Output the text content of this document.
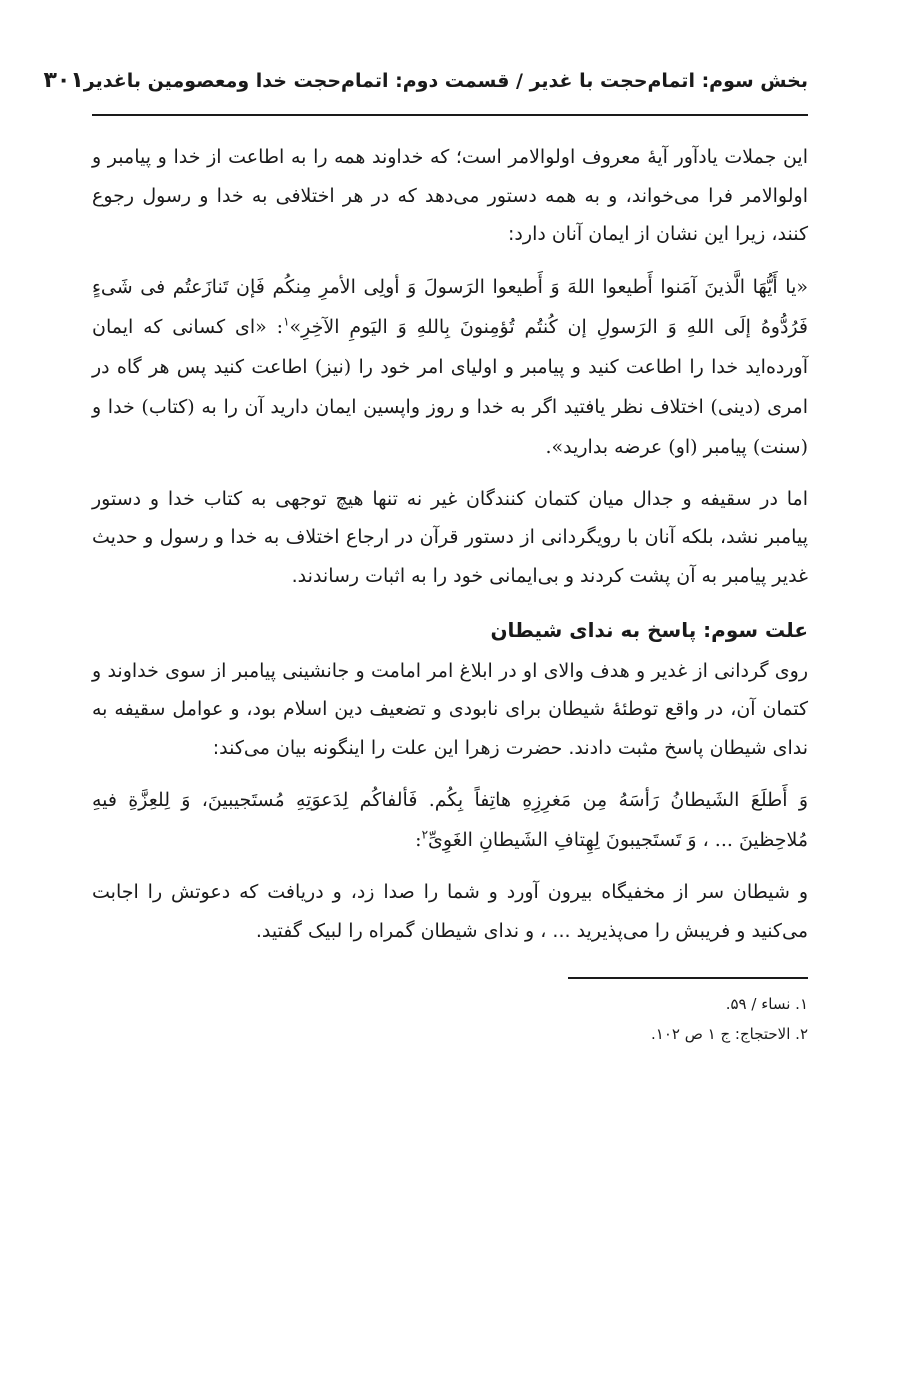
بخش سوم: اتمام‌حجت با غدیر / قسمت دوم: اتمام‌حجت خدا ومعصومین باغدیر
۳۰۱

این جملات یادآور آیهٔ معروف اولوالامر است؛ که خداوند همه را به اطاعت از خدا و پیامبر و اولوالامر فرا می‌خواند، و به همه دستور می‌دهد که در هر اختلافی به خدا و رسول رجوع کنند، زیرا این نشان از ایمان آنان دارد:

«یا أَیُّهَا الَّذینَ آمَنوا أَطیعوا اللهَ وَ أَطیعوا الرَسولَ وَ أولِی الأمرِ مِنکُم فَإن تَنازَعتُم فی شَیءٍ فَرُدُّوهُ إلَی اللهِ وَ الرَسولِ إن کُنتُم تُؤمِنونَ بِاللهِ وَ الیَومِ الآخِرِ»$^۱$: «ای کسانی که ایمان آورده‌اید خدا را اطاعت کنید و پیامبر و اولیای امر خود را (نیز) اطاعت کنید پس هر گاه در امری (دینی) اختلاف نظر یافتید اگر به خدا و روز واپسین ایمان دارید آن را به (کتاب) خدا و (سنت) پیامبر (او) عرضه بدارید».

اما در سقیفه و جدال میان کتمان کنندگان غیر نه تنها هیچ توجهی به کتاب خدا و دستور پیامبر نشد، بلکه آنان با رویگردانی از دستور قرآن در ارجاع اختلاف به خدا و رسول و حدیث غدیر پیامبر به آن پشت کردند و بی‌ایمانی خود را به اثبات رساندند.

علت سوم: پاسخ به ندای شیطان

روی گردانی از غدیر و هدف والای او در ابلاغ امر امامت و جانشینی پیامبر از سوی خداوند و کتمان آن، در واقع توطئهٔ شیطان برای نابودی و تضعیف دین اسلام بود، و عوامل سقیفه به ندای شیطان پاسخ مثبت دادند. حضرت زهرا این علت را اینگونه بیان می‌کند:

وَ أَطلَعَ الشَیطانُ رَأسَهُ مِن مَغرِزِهِ هاتِفاً بِکُم. فَألفاکُم لِدَعوَتِهِ مُستَجیبینَ، وَ لِلعِزَّةِ فیهِ مُلاحِظینَ ... ، وَ تَستَجیبونَ لِهِتافِ الشَیطانِ الغَوِیِّ$^۲$:

و شیطان سر از مخفیگاه بیرون آورد و شما را صدا زد، و دریافت که دعوتش را اجابت می‌کنید و فریبش را می‌پذیرید ... ، و ندای شیطان گمراه را لبیک گفتید.

۱. نساء / ۵۹.

۲. الاحتجاج: ج ۱ ص ۱۰۲.
